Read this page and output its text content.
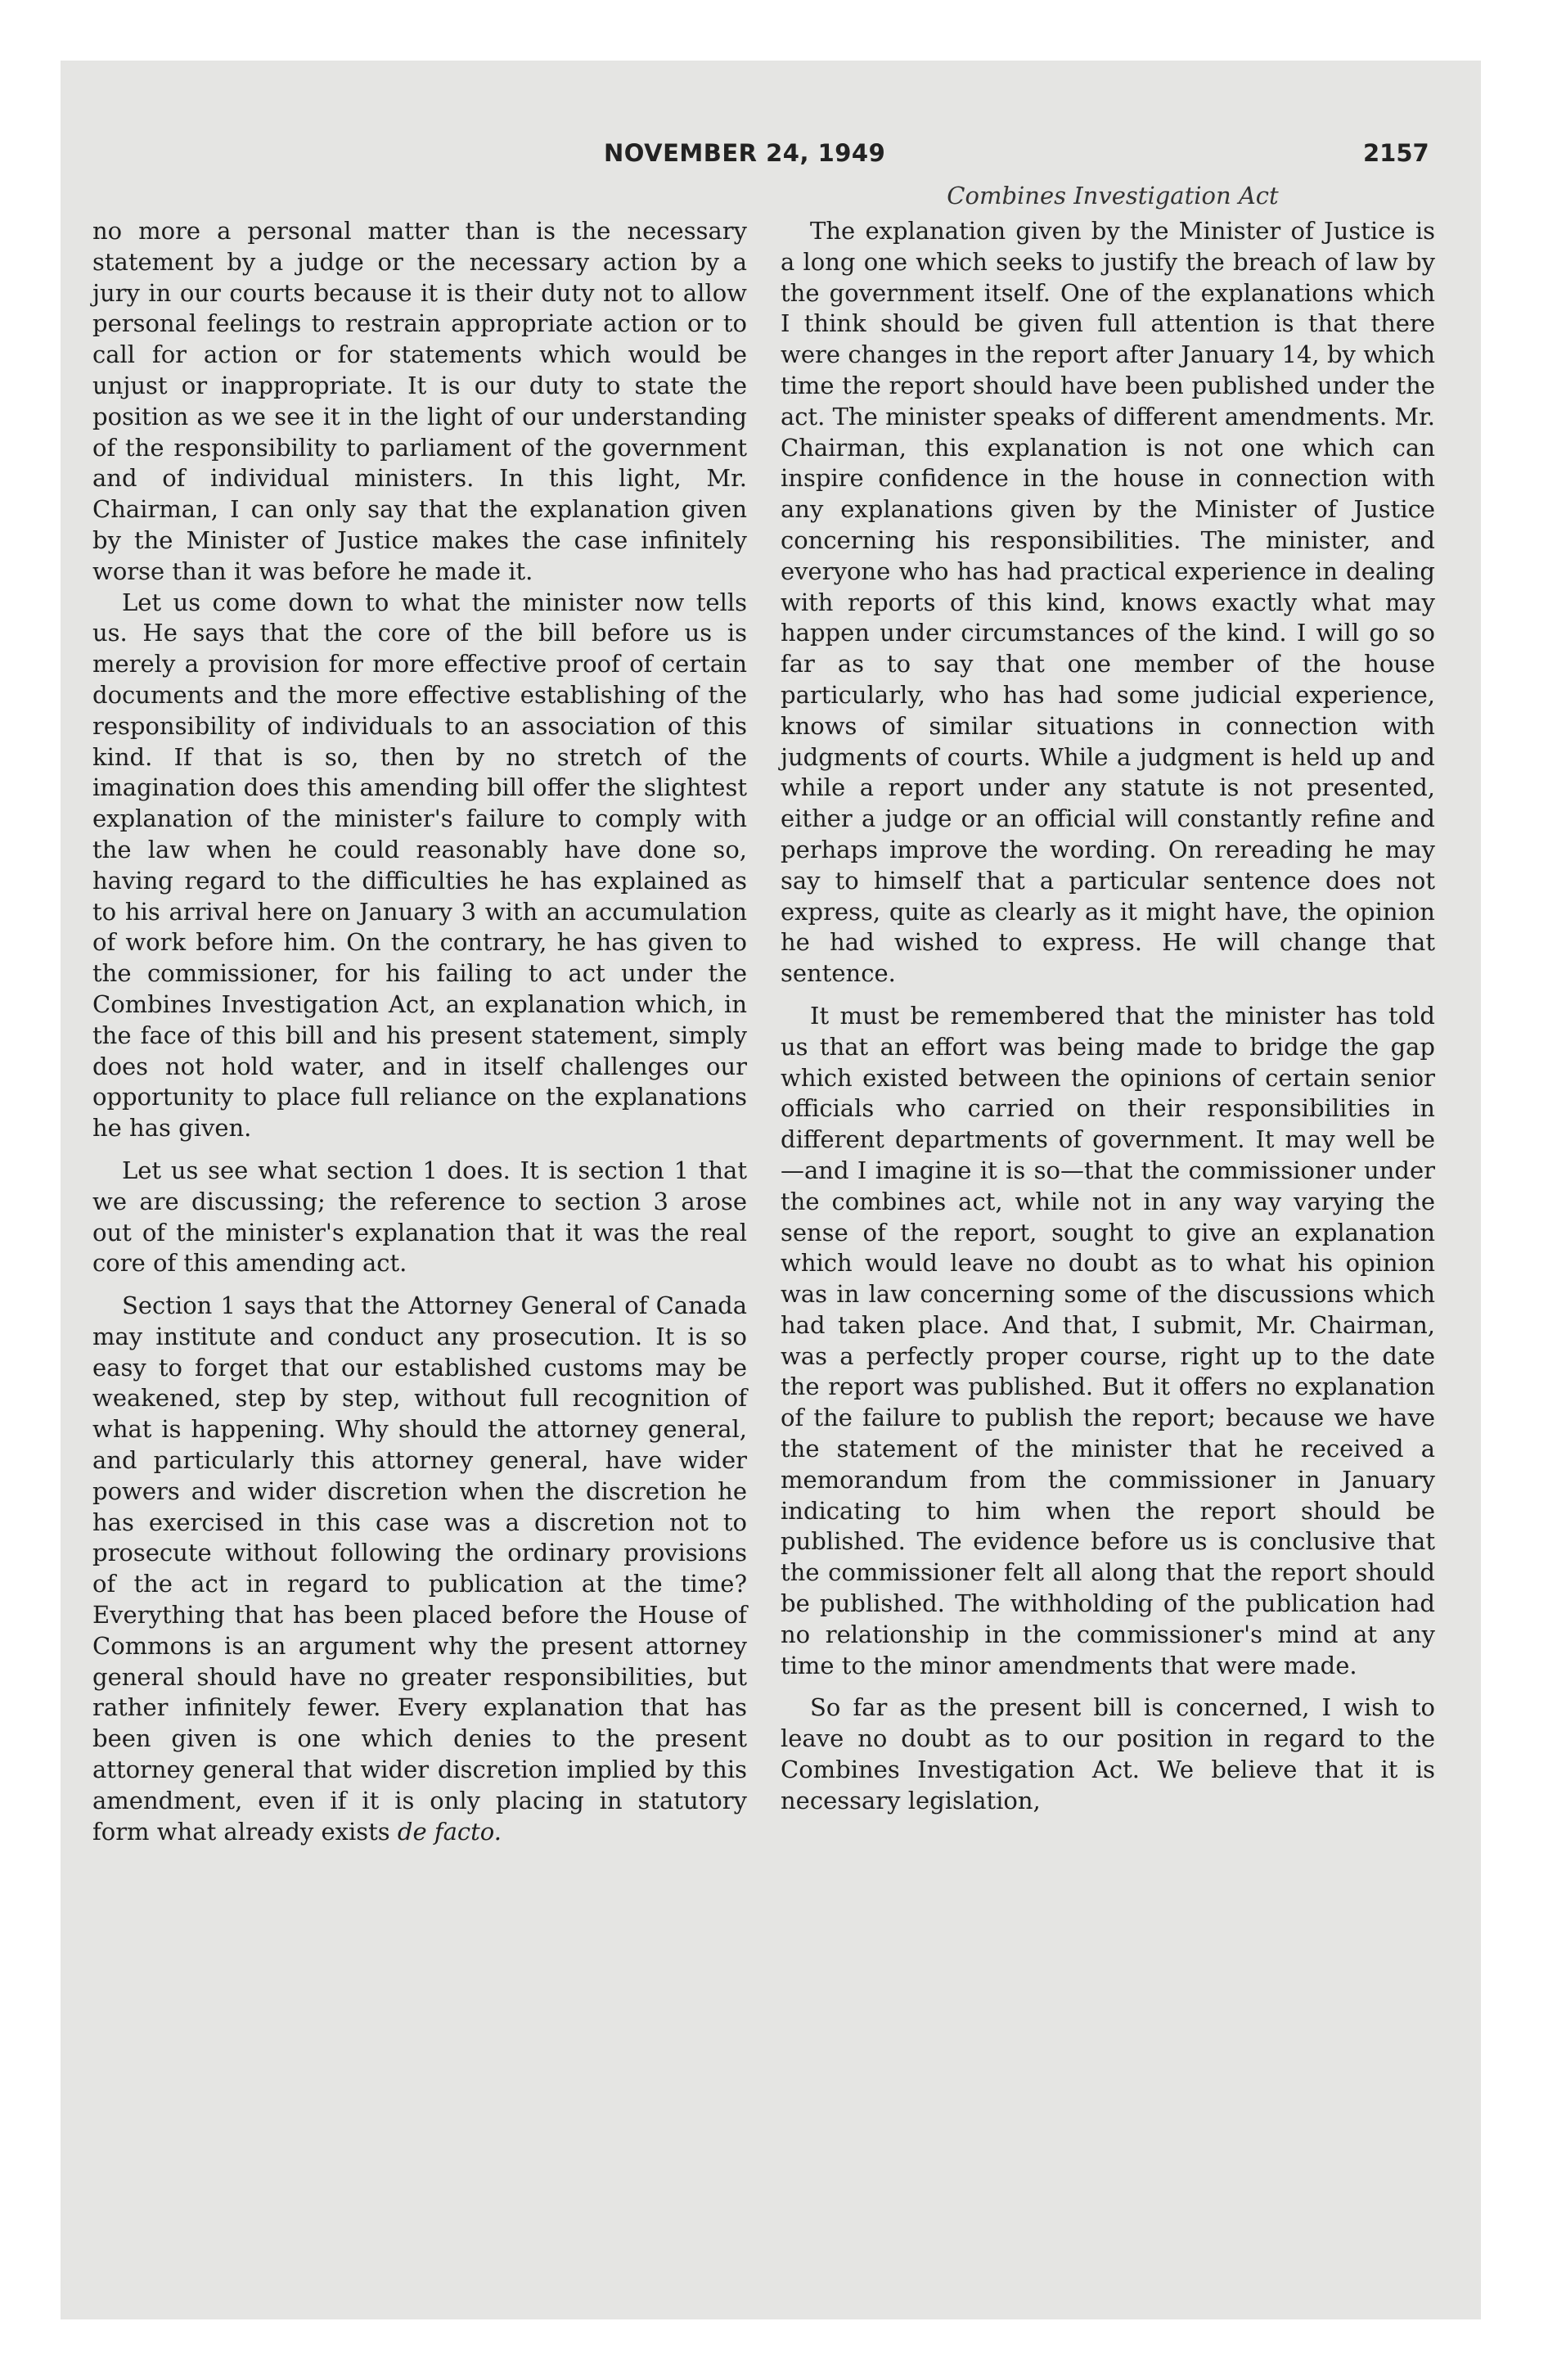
NOVEMBER 24, 1949	2157
Combines Investigation Act

no more a personal matter than is the necessary statement by a judge or the necessary action by a jury in our courts because it is their duty not to allow personal feelings to restrain appropriate action or to call for action or for statements which would be unjust or inappropriate. It is our duty to state the position as we see it in the light of our understanding of the responsibility to parliament of the government and of individual ministers. In this light, Mr. Chairman, I can only say that the explanation given by the Minister of Justice makes the case infinitely worse than it was before he made it.

Let us come down to what the minister now tells us. He says that the core of the bill before us is merely a provision for more effective proof of certain documents and the more effective establishing of the responsibility of individuals to an association of this kind. If that is so, then by no stretch of the imagination does this amending bill offer the slightest explanation of the minister's failure to comply with the law when he could reasonably have done so, having regard to the difficulties he has explained as to his arrival here on January 3 with an accumulation of work before him. On the contrary, he has given to the commissioner, for his failing to act under the Combines Investigation Act, an explanation which, in the face of this bill and his present statement, simply does not hold water, and in itself challenges our opportunity to place full reliance on the explanations he has given.

Let us see what section 1 does. It is section 1 that we are discussing; the reference to section 3 arose out of the minister's explanation that it was the real core of this amending act.

Section 1 says that the Attorney General of Canada may institute and conduct any prosecution. It is so easy to forget that our established customs may be weakened, step by step, without full recognition of what is happening. Why should the attorney general, and particularly this attorney general, have wider powers and wider discretion when the discretion he has exercised in this case was a discretion not to prosecute without following the ordinary provisions of the act in regard to publication at the time? Everything that has been placed before the House of Commons is an argument why the present attorney general should have no greater responsibilities, but rather infinitely fewer. Every explanation that has been given is one which denies to the present attorney general that wider discretion implied by this amendment, even if it is only placing in statutory form what already exists de facto.

The explanation given by the Minister of Justice is a long one which seeks to justify the breach of law by the government itself. One of the explanations which I think should be given full attention is that there were changes in the report after January 14, by which time the report should have been published under the act. The minister speaks of different amendments. Mr. Chairman, this explanation is not one which can inspire confidence in the house in connection with any explanations given by the Minister of Justice concerning his responsibilities. The minister, and everyone who has had practical experience in dealing with reports of this kind, knows exactly what may happen under circumstances of the kind. I will go so far as to say that one member of the house particularly, who has had some judicial experience, knows of similar situations in connection with judgments of courts. While a judgment is held up and while a report under any statute is not presented, either a judge or an official will constantly refine and perhaps improve the wording. On rereading he may say to himself that a particular sentence does not express, quite as clearly as it might have, the opinion he had wished to express. He will change that sentence.

It must be remembered that the minister has told us that an effort was being made to bridge the gap which existed between the opinions of certain senior officials who carried on their responsibilities in different departments of government. It may well be —and I imagine it is so—that the commissioner under the combines act, while not in any way varying the sense of the report, sought to give an explanation which would leave no doubt as to what his opinion was in law concerning some of the discussions which had taken place. And that, I submit, Mr. Chairman, was a perfectly proper course, right up to the date the report was published. But it offers no explanation of the failure to publish the report; because we have the statement of the minister that he received a memorandum from the commissioner in January indicating to him when the report should be published. The evidence before us is conclusive that the commissioner felt all along that the report should be published. The withholding of the publication had no relationship in the commissioner's mind at any time to the minor amendments that were made.

So far as the present bill is concerned, I wish to leave no doubt as to our position in regard to the Combines Investigation Act. We believe that it is necessary legislation,
